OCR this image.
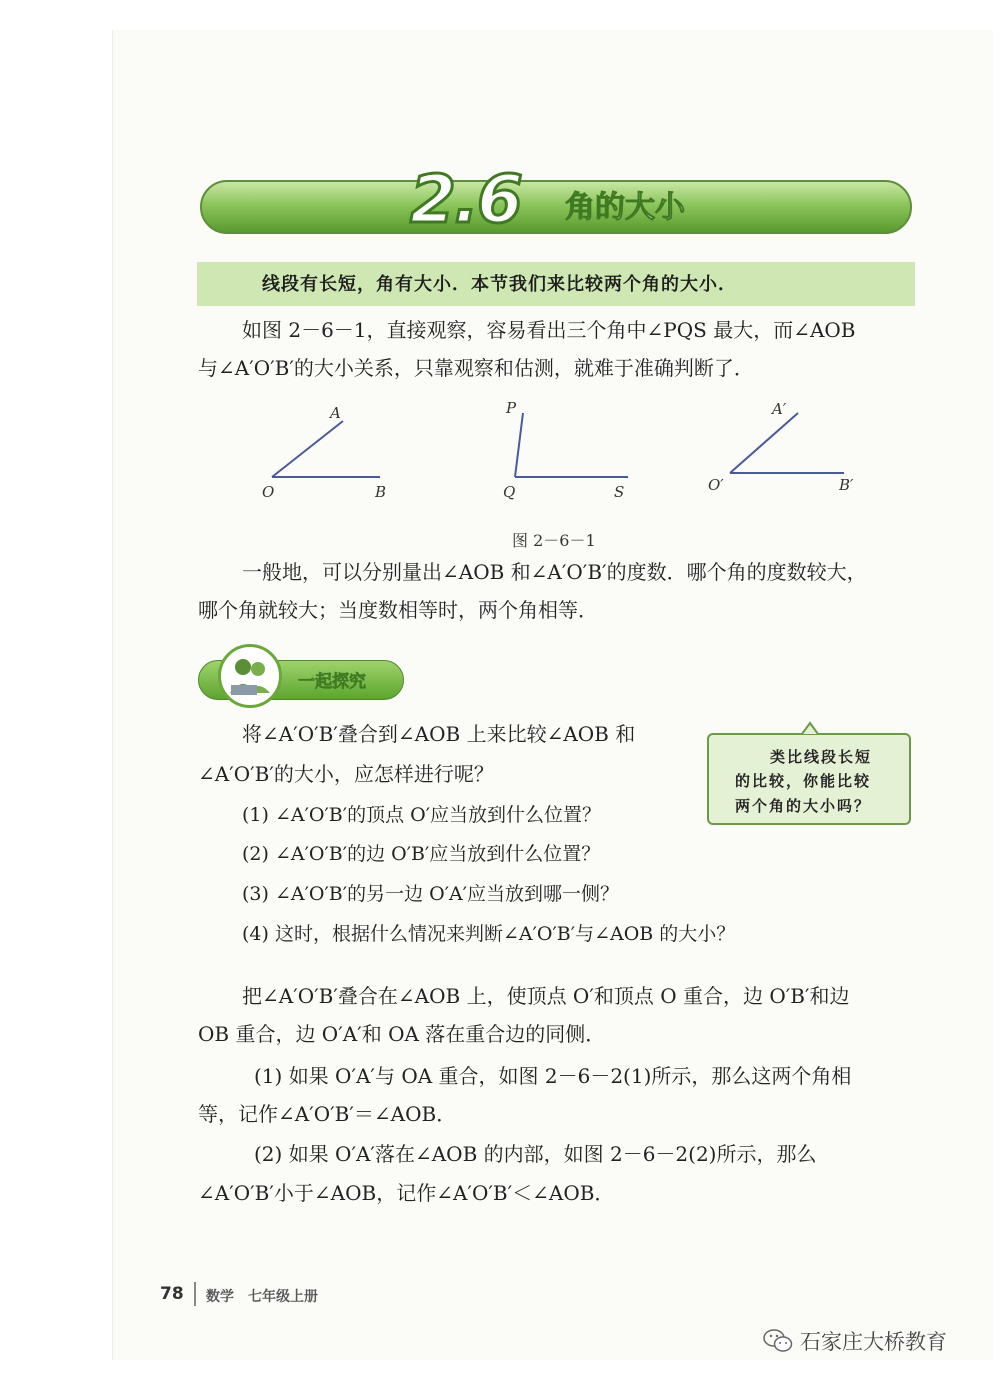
2.6 角的大小
线段有长短，角有大小．本节我们来比较两个角的大小．
如图 2－6－1，直接观察，容易看出三个角中∠PQS 最大，而∠AOB
与∠A′O′B′的大小关系，只靠观察和估测，就难于准确判断了．
A
O	B
P
Q	S
A′
O′	B′
图 2－6－1
一般地，可以分别量出∠AOB 和∠A′O′B′的度数．哪个角的度数较大，
哪个角就较大；当度数相等时，两个角相等．
一起探究
将∠A′O′B′叠合到∠AOB 上来比较∠AOB 和
∠A′O′B′的大小，应怎样进行呢？
(1) ∠A′O′B′的顶点 O′应当放到什么位置？
(2) ∠A′O′B′的边 O′B′应当放到什么位置？
(3) ∠A′O′B′的另一边 O′A′应当放到哪一侧？
(4) 这时，根据什么情况来判断∠A′O′B′与∠AOB 的大小？
类比线段长短
的比较，你能比较
两个角的大小吗？
把∠A′O′B′叠合在∠AOB 上，使顶点 O′和顶点 O 重合，边 O′B′和边
OB 重合，边 O′A′和 OA 落在重合边的同侧．
(1) 如果 O′A′与 OA 重合，如图 2－6－2(1)所示，那么这两个角相
等，记作∠A′O′B′＝∠AOB．
(2) 如果 O′A′落在∠AOB 的内部，如图 2－6－2(2)所示，那么
∠A′O′B′小于∠AOB，记作∠A′O′B′＜∠AOB．
78 数学　七年级上册
石家庄大桥教育
